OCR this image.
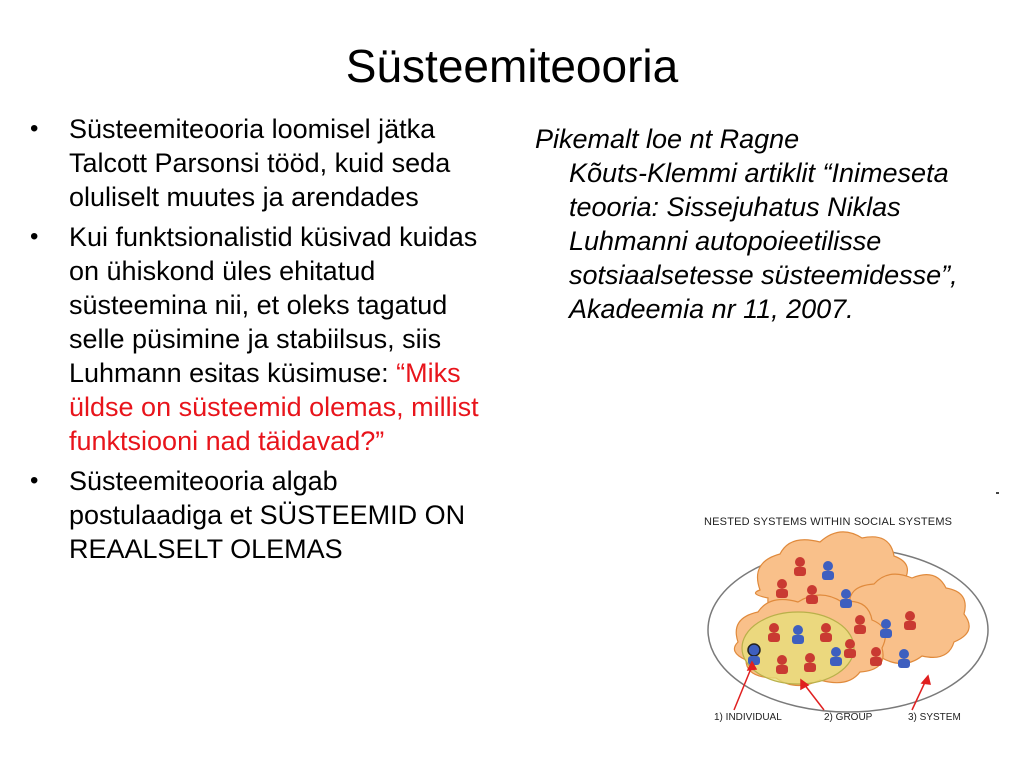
Süsteemiteooria
• Süsteemiteooria loomisel jätka Talcott Parsonsi tööd, kuid seda oluliselt muutes ja arendades
• Kui funktsionalistid küsivad kuidas on ühiskond üles ehitatud süsteemina nii, et oleks tagatud selle püsimine ja stabiilsus, siis Luhmann esitas küsimuse: “Miks üldse on süsteemid olemas, millist funktsiooni nad täidavad?”
• Süsteemiteooria algab postulaadiga et SÜSTEEMID ON REAALSELT OLEMAS
Pikemalt loe nt Ragne
Kõuts-Klemmi artiklit “Inimeseta teooria: Sissejuhatus Niklas Luhmanni autopoieetilisse sotsiaalsetesse süsteemidesse”, Akadeemia nr 11, 2007.
NESTED SYSTEMS WITHIN SOCIAL SYSTEMS
1) INDIVIDUAL	2) GROUP	3) SYSTEM
